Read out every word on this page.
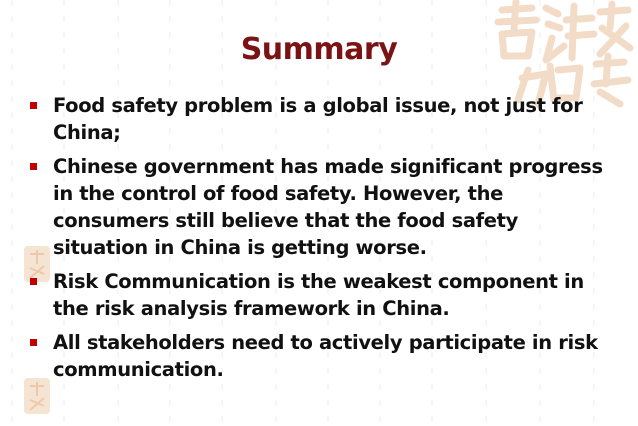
Summary
Food safety problem is a global issue, not just for China;
Chinese government has made significant progress in the control of food safety. However, the consumers still believe that the food safety situation in China is getting worse.
Risk Communication is the weakest component in the risk analysis framework in China.
All stakeholders need to actively participate in risk communication.
